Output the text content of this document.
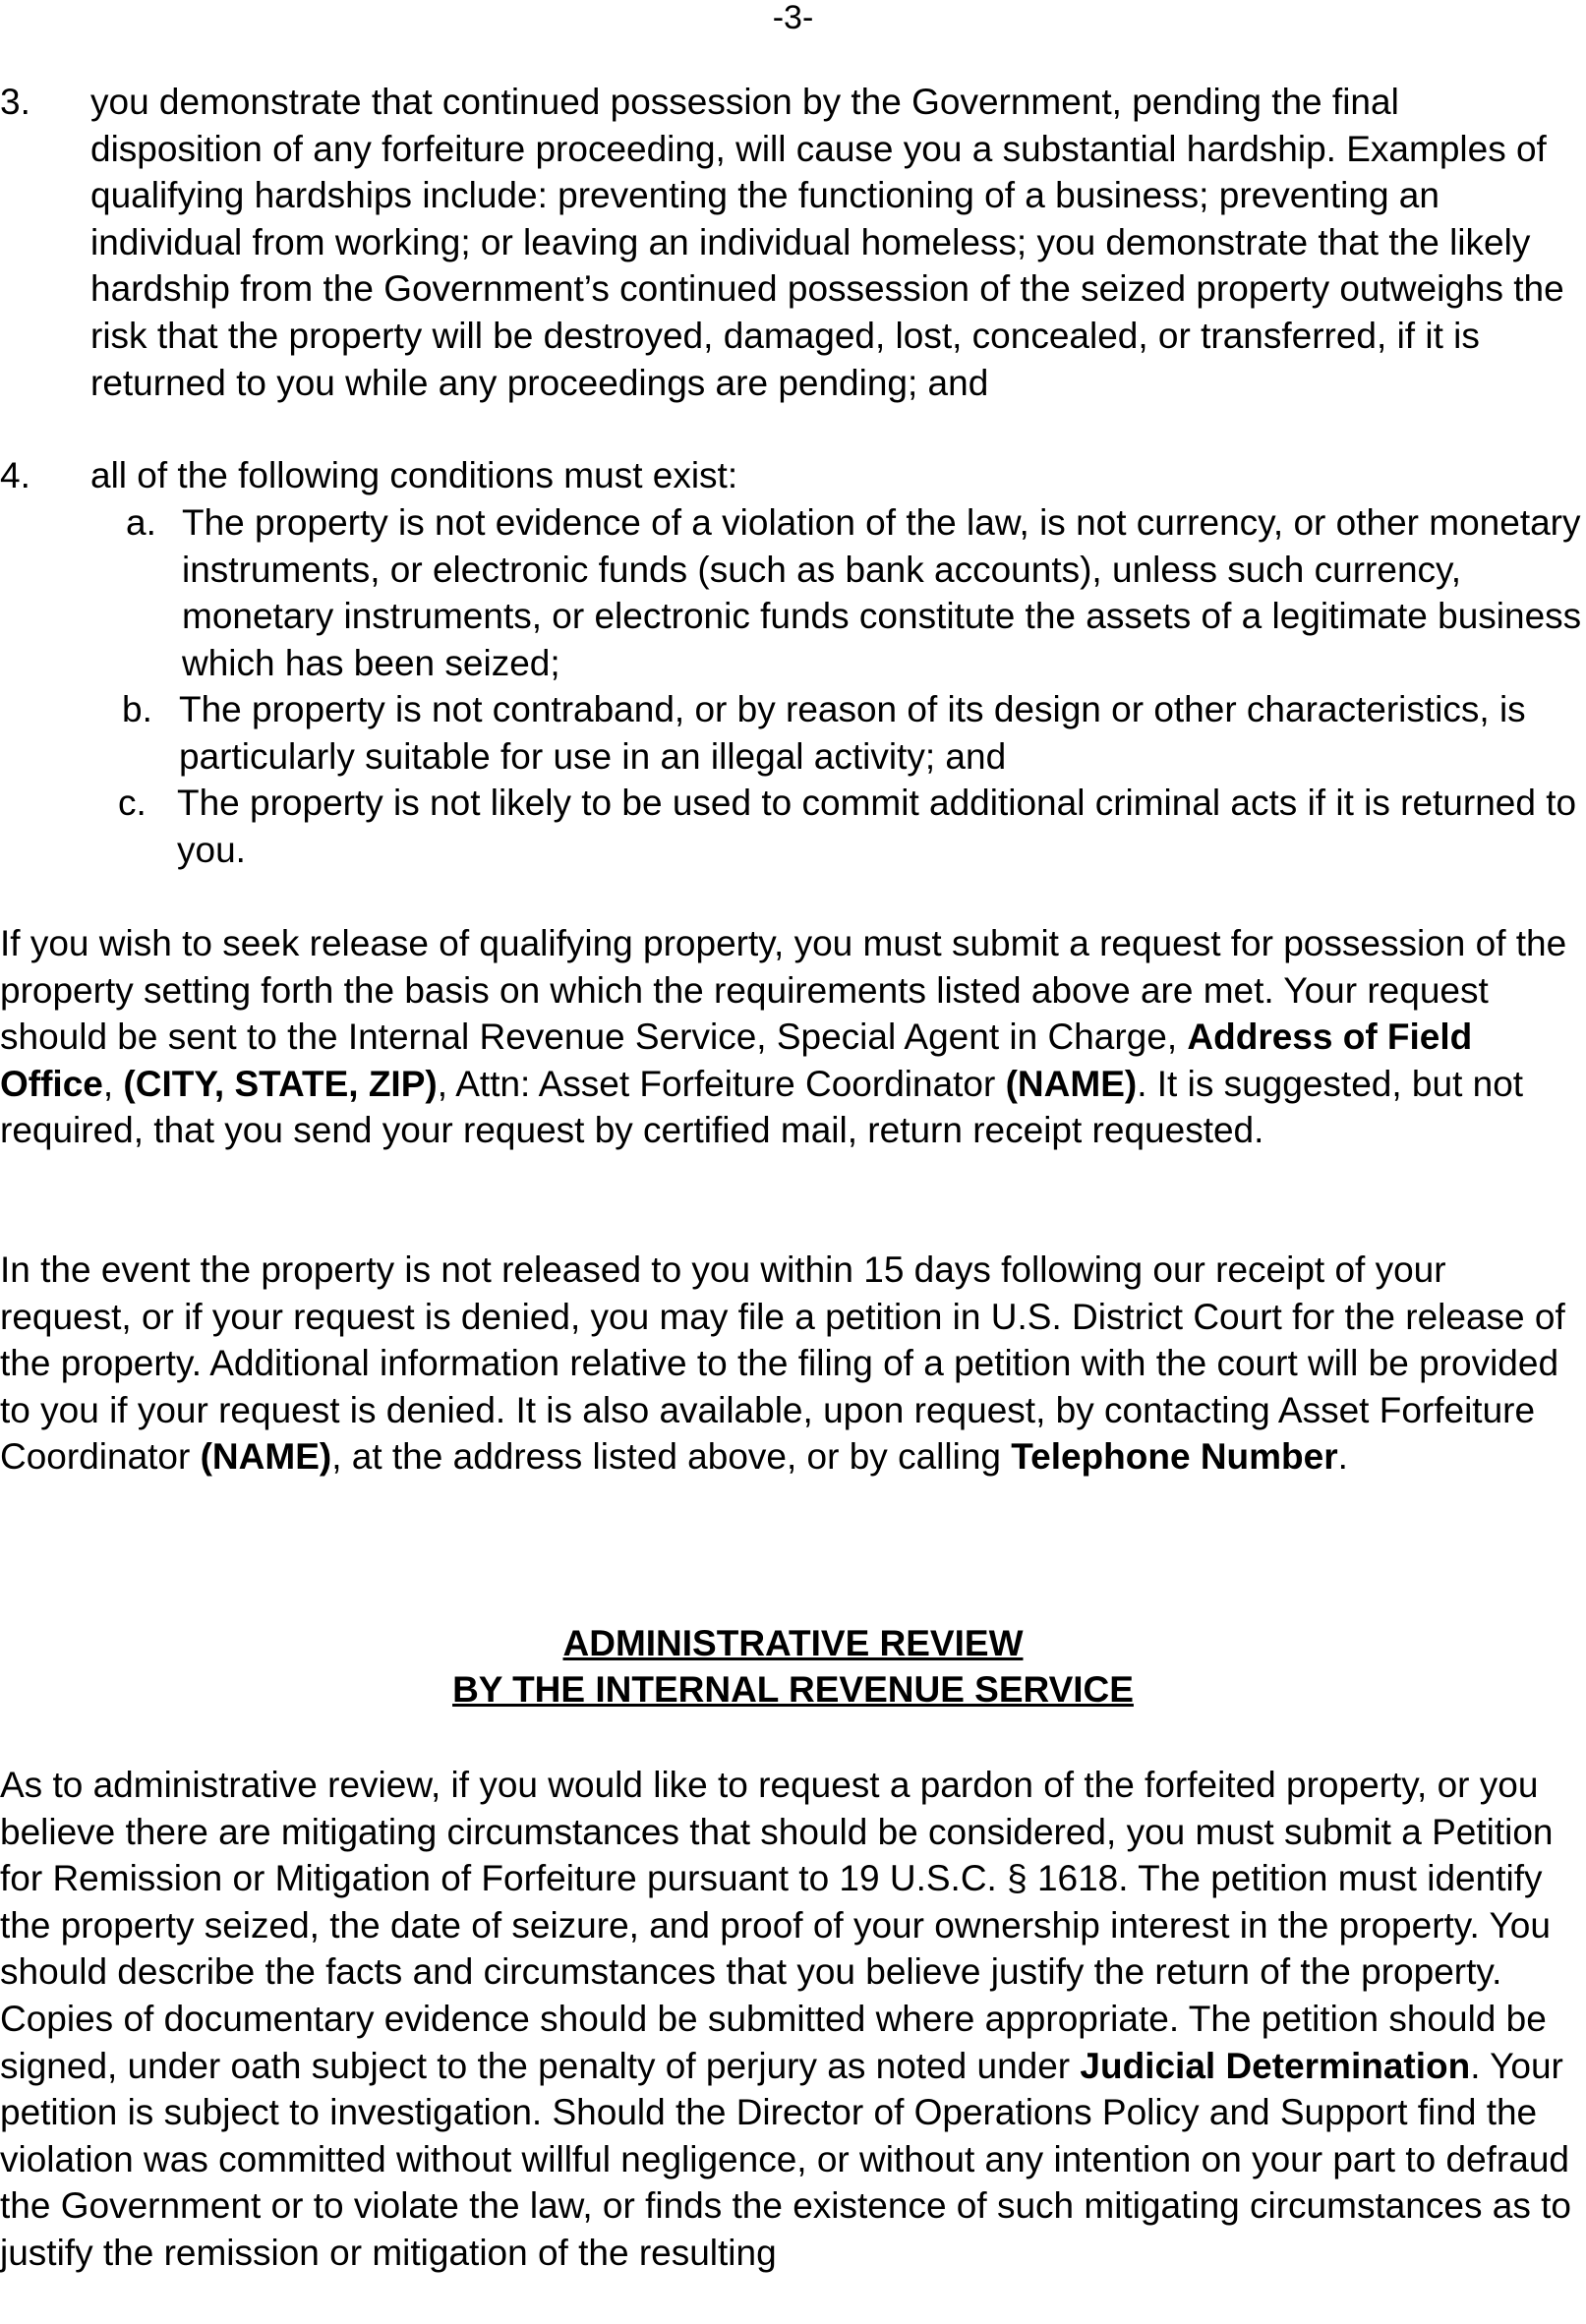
-3-
3. you demonstrate that continued possession by the Government, pending the final disposition of any forfeiture proceeding, will cause you a substantial hardship. Examples of qualifying hardships include: preventing the functioning of a business; preventing an individual from working; or leaving an individual homeless; you demonstrate that the likely hardship from the Government’s continued possession of the seized property outweighs the risk that the property will be destroyed, damaged, lost, concealed, or transferred, if it is returned to you while any proceedings are pending; and
4. all of the following conditions must exist:
a. The property is not evidence of a violation of the law, is not currency, or other monetary instruments, or electronic funds (such as bank accounts), unless such currency, monetary instruments, or electronic funds constitute the assets of a legitimate business which has been seized;
b. The property is not contraband, or by reason of its design or other characteristics, is particularly suitable for use in an illegal activity; and
c. The property is not likely to be used to commit additional criminal acts if it is returned to you.
If you wish to seek release of qualifying property, you must submit a request for possession of the property setting forth the basis on which the requirements listed above are met. Your request should be sent to the Internal Revenue Service, Special Agent in Charge, Address of Field Office, (CITY, STATE, ZIP), Attn: Asset Forfeiture Coordinator (NAME). It is suggested, but not required, that you send your request by certified mail, return receipt requested.
In the event the property is not released to you within 15 days following our receipt of your request, or if your request is denied, you may file a petition in U.S. District Court for the release of the property. Additional information relative to the filing of a petition with the court will be provided to you if your request is denied. It is also available, upon request, by contacting Asset Forfeiture Coordinator (NAME), at the address listed above, or by calling Telephone Number.
ADMINISTRATIVE REVIEW
BY THE INTERNAL REVENUE SERVICE
As to administrative review, if you would like to request a pardon of the forfeited property, or you believe there are mitigating circumstances that should be considered, you must submit a Petition for Remission or Mitigation of Forfeiture pursuant to 19 U.S.C. § 1618. The petition must identify the property seized, the date of seizure, and proof of your ownership interest in the property. You should describe the facts and circumstances that you believe justify the return of the property. Copies of documentary evidence should be submitted where appropriate. The petition should be signed, under oath subject to the penalty of perjury as noted under Judicial Determination. Your petition is subject to investigation. Should the Director of Operations Policy and Support find the violation was committed without willful negligence, or without any intention on your part to defraud the Government or to violate the law, or finds the existence of such mitigating circumstances as to justify the remission or mitigation of the resulting
